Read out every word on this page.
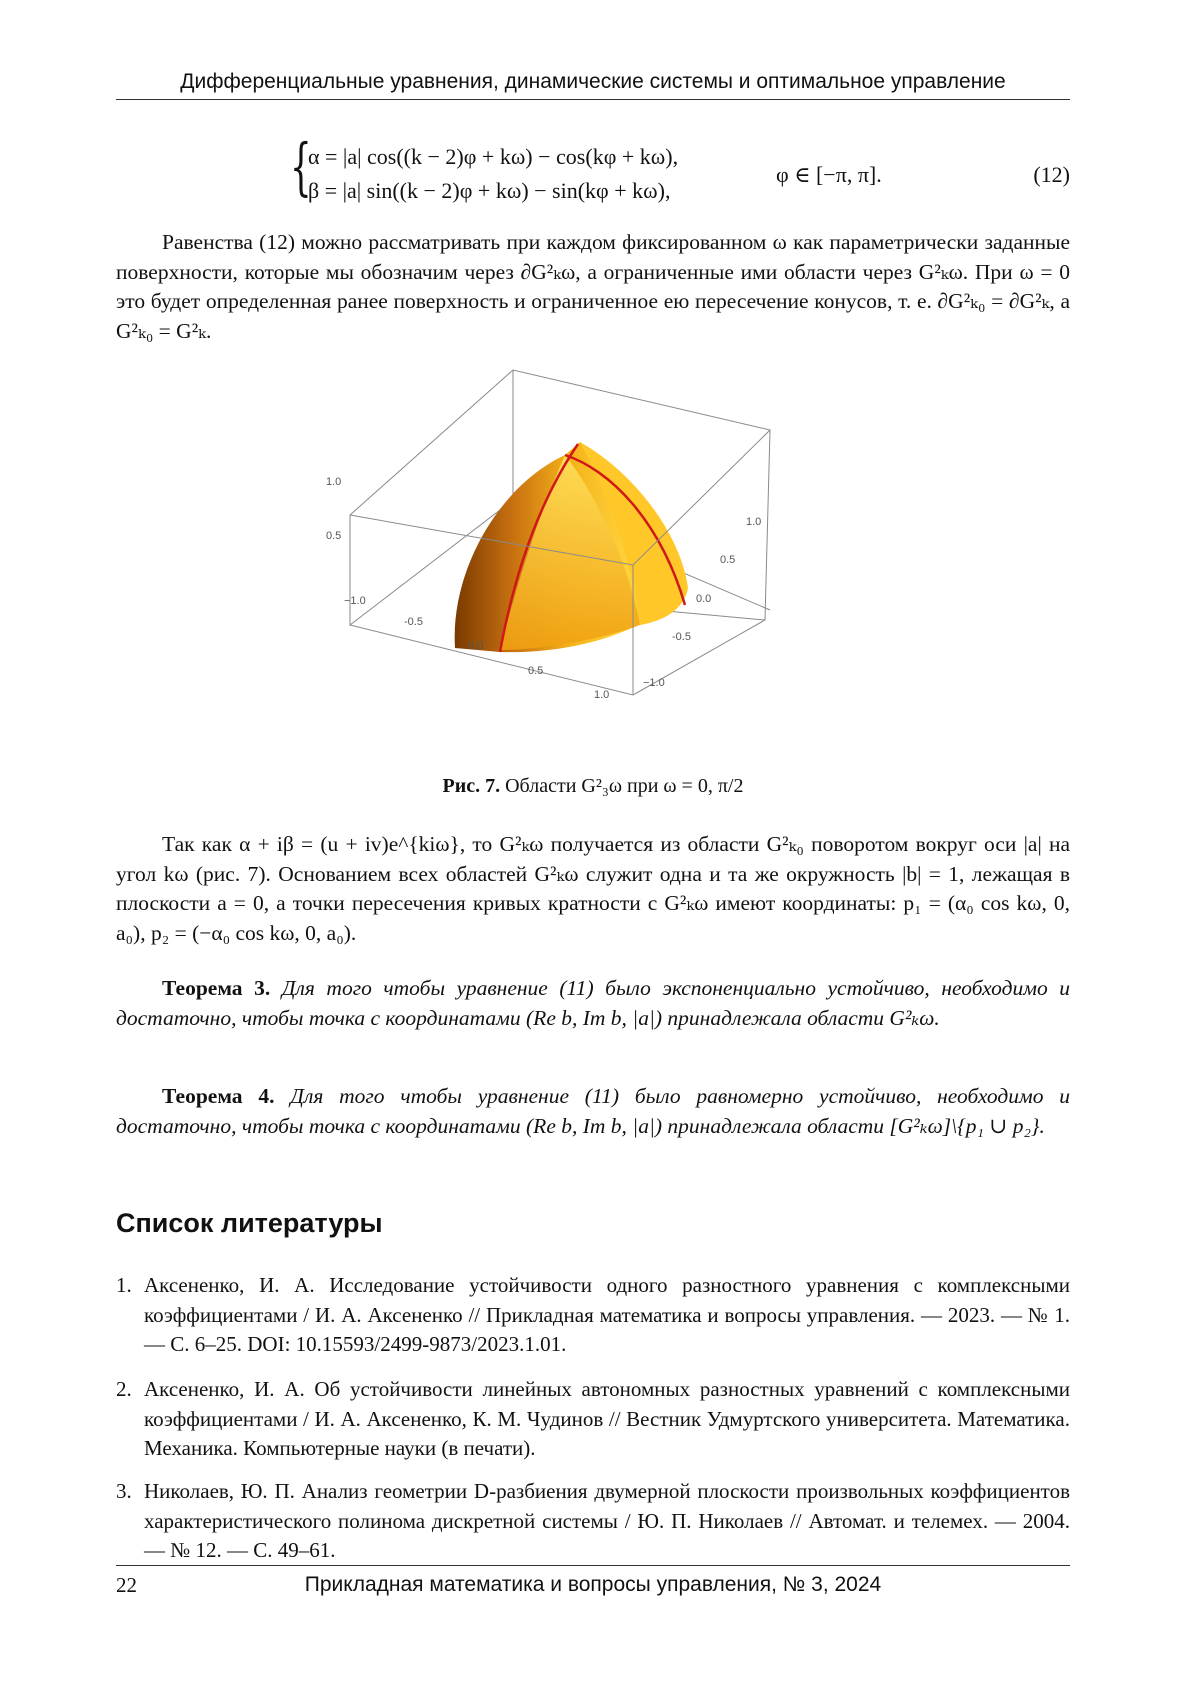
Дифференциальные уравнения, динамические системы и оптимальное управление
{
α = |a| cos((k − 2)φ + kω) − cos(kφ + kω),
β = |a| sin((k − 2)φ + kω) − sin(kφ + kω),
φ ∈ [−π, π].	(12)
Равенства (12) можно рассматривать при каждом фиксированном ω как параметрически заданные поверхности, которые мы обозначим через ∂G²ₖω, а ограниченные ими области через G²ₖω. При ω = 0 это будет определенная ранее поверхность и ограниченное ею пересечение конусов, т. е. ∂G²ₖ₀ = ∂G²ₖ, а G²ₖ₀ = G²ₖ.
1.0
0.5
−1.0
-0.5
0.0
0.5
1.0
1.0
0.5
0.0
-0.5
−1.0
Рис. 7. Области G²₃ω при ω = 0, π/2
Так как α + iβ = (u + iv)e^{kiω}, то G²ₖω получается из области G²ₖ₀ поворотом вокруг оси |a| на угол kω (рис. 7). Основанием всех областей G²ₖω служит одна и та же окружность |b| = 1, лежащая в плоскости a = 0, а точки пересечения кривых кратности с G²ₖω имеют координаты: p₁ = (α₀ cos kω, 0, a₀), p₂ = (−α₀ cos kω, 0, a₀).
Теорема 3. Для того чтобы уравнение (11) было экспоненциально устойчиво, необходимо и достаточно, чтобы точка с координатами (Re b, Im b, |a|) принадлежала области G²ₖω.
Теорема 4. Для того чтобы уравнение (11) было равномерно устойчиво, необходимо и достаточно, чтобы точка с координатами (Re b, Im b, |a|) принадлежала области [G²ₖω]\{p₁ ∪ p₂}.
Список литературы
1. Аксененко, И. А. Исследование устойчивости одного разностного уравнения с комплексными коэффициентами / И. А. Аксененко // Прикладная математика и вопросы управления. — 2023. — № 1. — С. 6–25. DOI: 10.15593/2499-9873/2023.1.01.
2. Аксененко, И. А. Об устойчивости линейных автономных разностных уравнений с комплексными коэффициентами / И. А. Аксененко, К. М. Чудинов // Вестник Удмуртского университета. Математика. Механика. Компьютерные науки (в печати).
3. Николаев, Ю. П. Анализ геометрии D-разбиения двумерной плоскости произвольных коэффициентов характеристического полинома дискретной системы / Ю. П. Николаев // Автомат. и телемех. — 2004. — № 12. — С. 49–61.
22	Прикладная математика и вопросы управления, № 3, 2024
